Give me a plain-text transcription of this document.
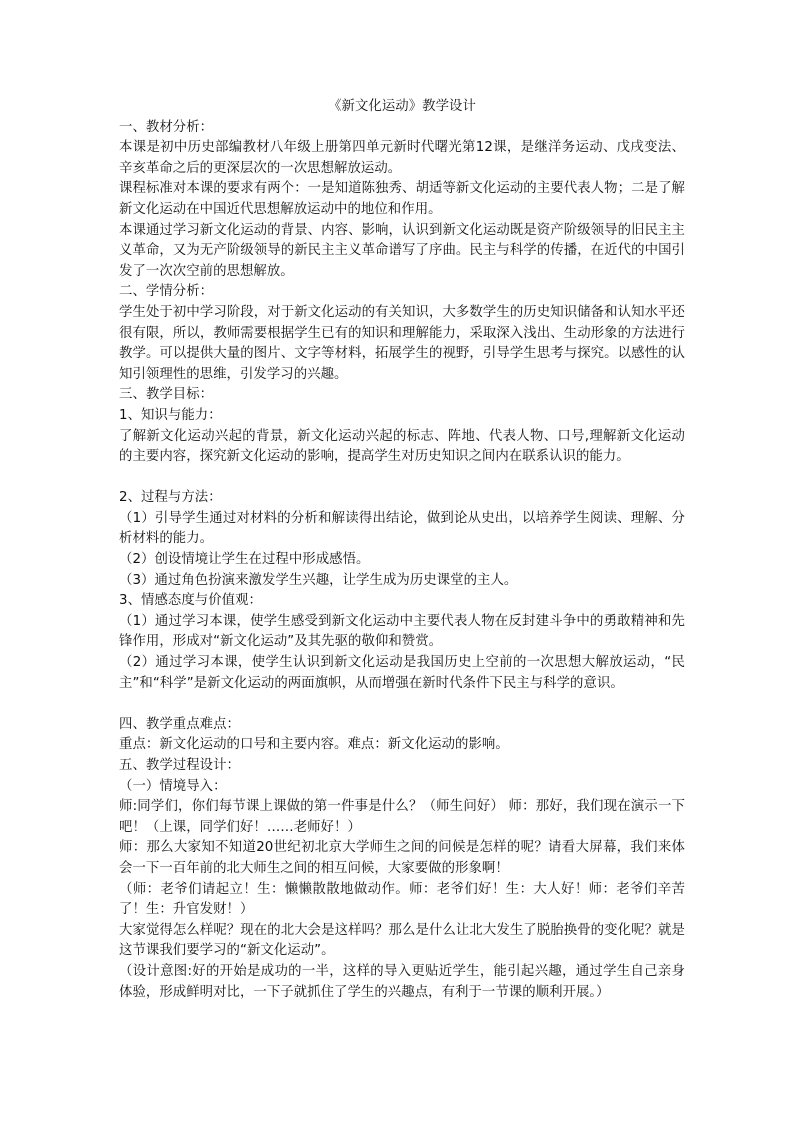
《新文化运动》教学设计

一、教材分析：

本课是初中历史部编教材八年级上册第四单元新时代曙光第12课，是继洋务运动、戊戌变法、辛亥革命之后的更深层次的一次思想解放运动。

课程标准对本课的要求有两个：一是知道陈独秀、胡适等新文化运动的主要代表人物；二是了解新文化运动在中国近代思想解放运动中的地位和作用。

本课通过学习新文化运动的背景、内容、影响，认识到新文化运动既是资产阶级领导的旧民主主义革命，又为无产阶级领导的新民主主义革命谱写了序曲。民主与科学的传播，在近代的中国引发了一次次空前的思想解放。

二、学情分析：

学生处于初中学习阶段，对于新文化运动的有关知识，大多数学生的历史知识储备和认知水平还很有限，所以，教师需要根据学生已有的知识和理解能力，采取深入浅出、生动形象的方法进行教学。可以提供大量的图片、文字等材料，拓展学生的视野，引导学生思考与探究。以感性的认知引领理性的思维，引发学习的兴趣。

三、教学目标：

1、知识与能力：

了解新文化运动兴起的背景，新文化运动兴起的标志、阵地、代表人物、口号,理解新文化运动的主要内容，探究新文化运动的影响，提高学生对历史知识之间内在联系认识的能力。

2、过程与方法：

（1）引导学生通过对材料的分析和解读得出结论，做到论从史出，以培养学生阅读、理解、分析材料的能力。

（2）创设情境让学生在过程中形成感悟。

（3）通过角色扮演来激发学生兴趣，让学生成为历史课堂的主人。

3、情感态度与价值观：

（1）通过学习本课，使学生感受到新文化运动中主要代表人物在反封建斗争中的勇敢精神和先锋作用，形成对“新文化运动”及其先驱的敬仰和赞赏。

（2）通过学习本课，使学生认识到新文化运动是我国历史上空前的一次思想大解放运动，“民主”和“科学”是新文化运动的两面旗帜，从而增强在新时代条件下民主与科学的意识。

四、教学重点难点：

重点：新文化运动的口号和主要内容。难点：新文化运动的影响。

五、教学过程设计：

（一）情境导入：

师:同学们，你们每节课上课做的第一件事是什么？（师生问好） 师：那好，我们现在演示一下吧！（上课，同学们好！……老师好！）

师：那么大家知不知道20世纪初北京大学师生之间的问候是怎样的呢？请看大屏幕，我们来体会一下一百年前的北大师生之间的相互问候，大家要做的形象啊！

（师：老爷们请起立！生：懒懒散散地做动作。师：老爷们好！生：大人好！师：老爷们辛苦了！生：升官发财！）

大家觉得怎么样呢？现在的北大会是这样吗？那么是什么让北大发生了脱胎换骨的变化呢？就是这节课我们要学习的“新文化运动”。

（设计意图:好的开始是成功的一半，这样的导入更贴近学生，能引起兴趣，通过学生自己亲身体验，形成鲜明对比，一下子就抓住了学生的兴趣点，有利于一节课的顺利开展。）
